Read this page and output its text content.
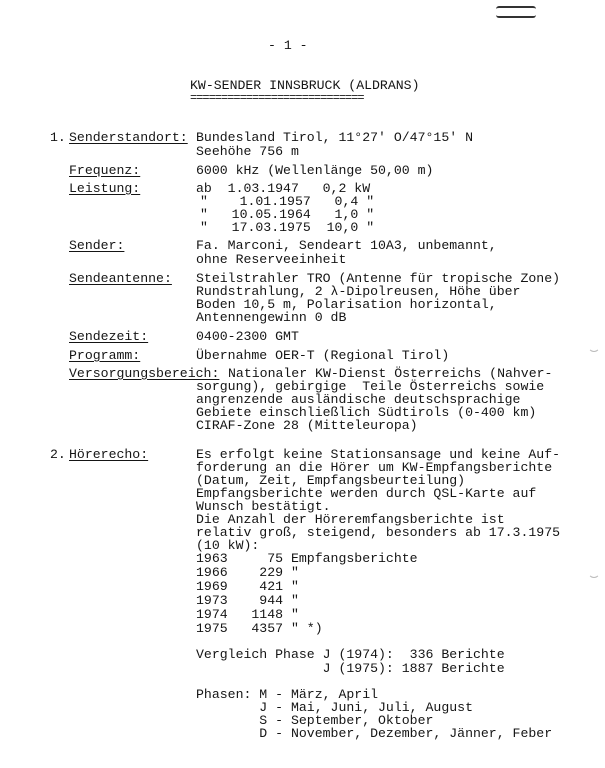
- 1 -
KW-SENDER INNSBRUCK (ALDRANS)
============================
1. Senderstandort: Bundesland Tirol, 11°27' O/47°15' N
Seehöhe 756 m
Frequenz:	6000 kHz (Wellenlänge 50,00 m)
Leistung:	ab  1.03.1947   0,2 kW
"    1.01.1957   0,4 "
"   10.05.1964   1,0 "
"   17.03.1975  10,0 "
Sender:	Fa. Marconi, Sendeart 10A3, unbemannt,
ohne Reserveeinheit
Sendeantenne: Steilstrahler TRO (Antenne für tropische Zone)
Rundstrahlung, 2 λ-Dipolreusen, Höhe über
Boden 10,5 m, Polarisation horizontal,
Antennengewinn 0 dB
Sendezeit:	0400-2300 GMT
Programm:	Übernahme OER-T (Regional Tirol)
Versorgungsbereich: Nationaler KW-Dienst Österreichs (Nahver-
sorgung), gebirgige  Teile Österreichs sowie
angrenzende ausländische deutschsprachige
Gebiete einschließlich Südtirols (0-400 km)
CIRAF-Zone 28 (Mitteleuropa)
2. Hörerecho:	Es erfolgt keine Stationsansage und keine Auf-
forderung an die Hörer um KW-Empfangsberichte
(Datum, Zeit, Empfangsbeurteilung)
Empfangsberichte werden durch QSL-Karte auf
Wunsch bestätigt.
Die Anzahl der Höreremfangsberichte ist
relativ groß, steigend, besonders ab 17.3.1975
(10 kW):
1963     75 Empfangsberichte
1966    229 "
1969    421 "
1973    944 "
1974   1148 "
1975   4357 " *)
Vergleich Phase J (1974):  336 Berichte
J (1975): 1887 Berichte
Phasen: M - März, April
J - Mai, Juni, Juli, August
S - September, Oktober
D - November, Dezember, Jänner, Feber
